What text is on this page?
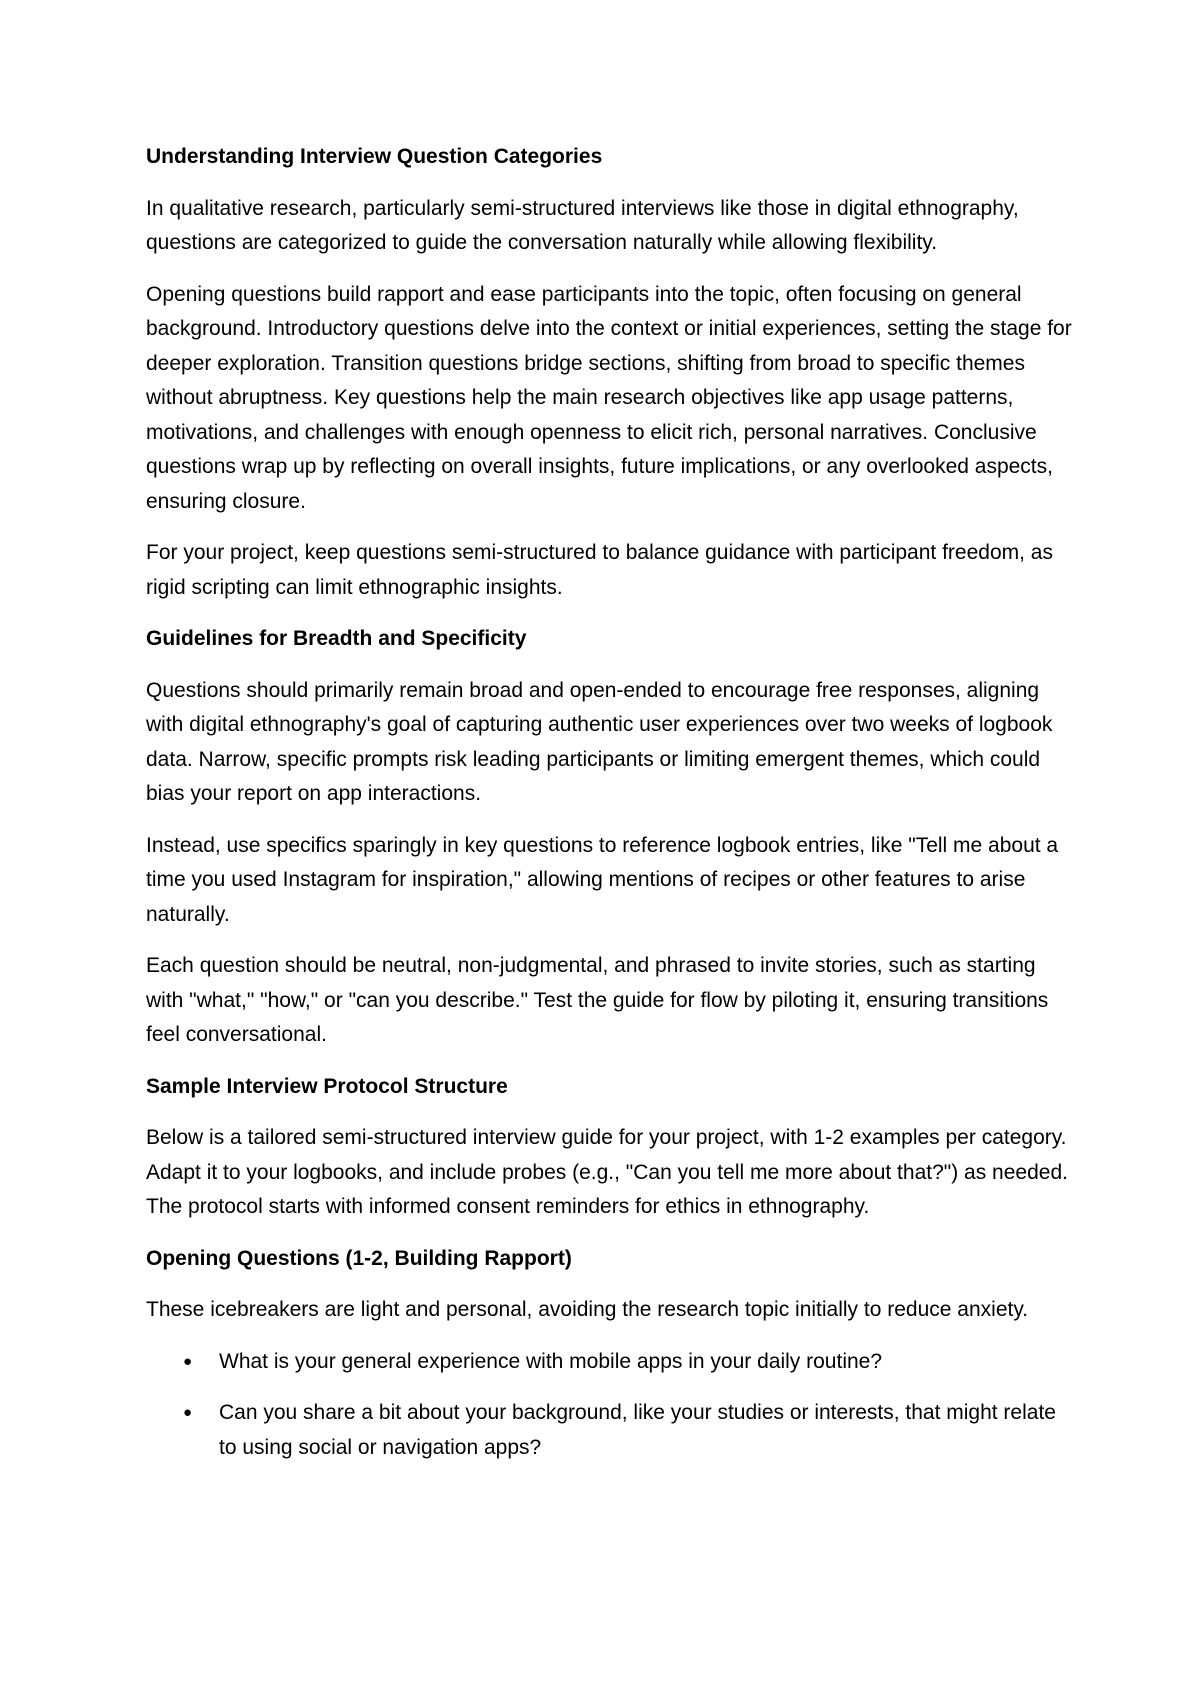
Understanding Interview Question Categories
In qualitative research, particularly semi-structured interviews like those in digital ethnography, questions are categorized to guide the conversation naturally while allowing flexibility.
Opening questions build rapport and ease participants into the topic, often focusing on general background. Introductory questions delve into the context or initial experiences, setting the stage for deeper exploration. Transition questions bridge sections, shifting from broad to specific themes without abruptness. Key questions help the main research objectives like app usage patterns, motivations, and challenges with enough openness to elicit rich, personal narratives. Conclusive questions wrap up by reflecting on overall insights, future implications, or any overlooked aspects, ensuring closure.
For your project, keep questions semi-structured to balance guidance with participant freedom, as rigid scripting can limit ethnographic insights.
Guidelines for Breadth and Specificity
Questions should primarily remain broad and open-ended to encourage free responses, aligning with digital ethnography's goal of capturing authentic user experiences over two weeks of logbook data. Narrow, specific prompts risk leading participants or limiting emergent themes, which could bias your report on app interactions.
Instead, use specifics sparingly in key questions to reference logbook entries, like "Tell me about a time you used Instagram for inspiration," allowing mentions of recipes or other features to arise naturally.
Each question should be neutral, non-judgmental, and phrased to invite stories, such as starting with "what," "how," or "can you describe." Test the guide for flow by piloting it, ensuring transitions feel conversational.
Sample Interview Protocol Structure
Below is a tailored semi-structured interview guide for your project, with 1-2 examples per category. Adapt it to your logbooks, and include probes (e.g., "Can you tell me more about that?") as needed. The protocol starts with informed consent reminders for ethics in ethnography.
Opening Questions (1-2, Building Rapport)
These icebreakers are light and personal, avoiding the research topic initially to reduce anxiety.
● What is your general experience with mobile apps in your daily routine?
● Can you share a bit about your background, like your studies or interests, that might relate to using social or navigation apps?
